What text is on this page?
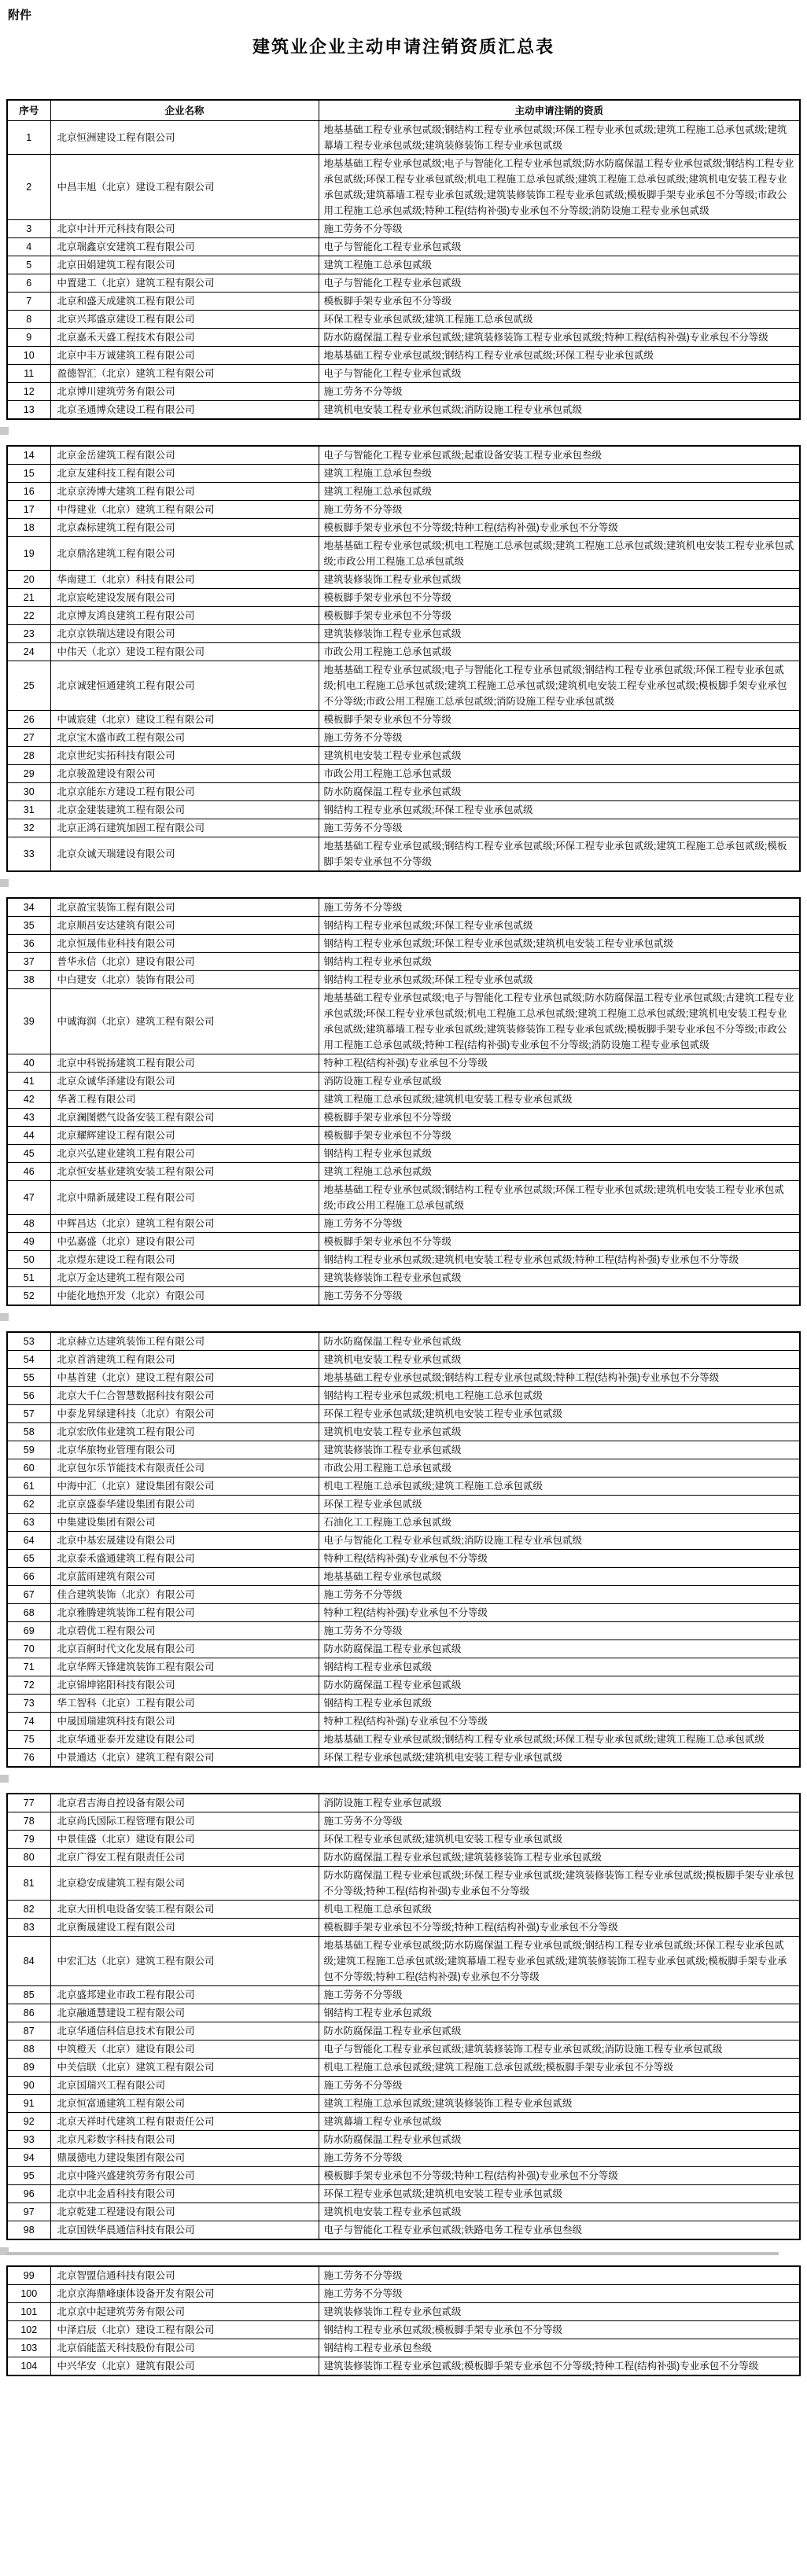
附件
建筑业企业主动申请注销资质汇总表
序号	企业名称	主动申请注销的资质
1	北京恒洲建设工程有限公司	地基基础工程专业承包贰级;钢结构工程专业承包贰级;环保工程专业承包贰级;建筑工程施工总承包贰级;建筑幕墙工程专业承包贰级;建筑装修装饰工程专业承包贰级
2	中昌丰旭（北京）建设工程有限公司	地基基础工程专业承包贰级;电子与智能化工程专业承包贰级;防水防腐保温工程专业承包贰级;钢结构工程专业承包贰级;环保工程专业承包贰级;机电工程施工总承包贰级;建筑工程施工总承包贰级;建筑机电安装工程专业承包贰级;建筑幕墙工程专业承包贰级;建筑装修装饰工程专业承包贰级;模板脚手架专业承包不分等级;市政公用工程施工总承包贰级;特种工程(结构补强)专业承包不分等级;消防设施工程专业承包贰级
3	北京中计开元科技有限公司	施工劳务不分等级
4	北京瑞鑫京安建筑工程有限公司	电子与智能化工程专业承包贰级
5	北京田娟建筑工程有限公司	建筑工程施工总承包贰级
6	中置建工（北京）建筑工程有限公司	电子与智能化工程专业承包贰级
7	北京和盛天成建筑工程有限公司	模板脚手架专业承包不分等级
8	北京兴邦盛京建设工程有限公司	环保工程专业承包贰级;建筑工程施工总承包贰级
9	北京嘉禾天盛工程技术有限公司	防水防腐保温工程专业承包贰级;建筑装修装饰工程专业承包贰级;特种工程(结构补强)专业承包不分等级
10	北京中丰万诚建筑工程有限公司	地基基础工程专业承包贰级;钢结构工程专业承包贰级;环保工程专业承包贰级
11	盈德智汇（北京）建筑工程有限公司	电子与智能化工程专业承包贰级
12	北京博川建筑劳务有限公司	施工劳务不分等级
13	北京圣通博众建设工程有限公司	建筑机电安装工程专业承包贰级;消防设施工程专业承包贰级
14	北京金岳建筑工程有限公司	电子与智能化工程专业承包贰级;起重设备安装工程专业承包叁级
15	北京友建科技工程有限公司	建筑工程施工总承包叁级
16	北京京涛博大建筑工程有限公司	建筑工程施工总承包贰级
17	中得建业（北京）建筑工程有限公司	施工劳务不分等级
18	北京森标建筑工程有限公司	模板脚手架专业承包不分等级;特种工程(结构补强)专业承包不分等级
19	北京鼎洺建筑工程有限公司	地基基础工程专业承包贰级;机电工程施工总承包贰级;建筑工程施工总承包贰级;建筑机电安装工程专业承包贰级;市政公用工程施工总承包贰级
20	华南建工（北京）科技有限公司	建筑装修装饰工程专业承包贰级
21	北京宸屹建设发展有限公司	模板脚手架专业承包不分等级
22	北京博友鸿良建筑工程有限公司	模板脚手架专业承包不分等级
23	北京京铁瑞达建设有限公司	建筑装修装饰工程专业承包贰级
24	中伟天（北京）建设工程有限公司	市政公用工程施工总承包贰级
25	北京诚建恒通建筑工程有限公司	地基基础工程专业承包贰级;电子与智能化工程专业承包贰级;钢结构工程专业承包贰级;环保工程专业承包贰级;机电工程施工总承包贰级;建筑工程施工总承包贰级;建筑机电安装工程专业承包贰级;模板脚手架专业承包不分等级;市政公用工程施工总承包贰级;消防设施工程专业承包贰级
26	中诚宸建（北京）建设工程有限公司	模板脚手架专业承包不分等级
27	北京宝木盛市政工程有限公司	施工劳务不分等级
28	北京世纪实拓科技有限公司	建筑机电安装工程专业承包贰级
29	北京骏盈建设有限公司	市政公用工程施工总承包贰级
30	北京京能东方建设工程有限公司	防水防腐保温工程专业承包贰级
31	北京金建装建筑工程有限公司	钢结构工程专业承包贰级;环保工程专业承包贰级
32	北京正鸿石建筑加固工程有限公司	施工劳务不分等级
33	北京众诚天瑞建设有限公司	地基基础工程专业承包贰级;钢结构工程专业承包贰级;环保工程专业承包贰级;建筑工程施工总承包贰级;模板脚手架专业承包不分等级
34	北京盈宝装饰工程有限公司	施工劳务不分等级
35	北京顺昌安达建筑有限公司	钢结构工程专业承包贰级;环保工程专业承包贰级
36	北京恒晟伟业科技有限公司	钢结构工程专业承包贰级;环保工程专业承包贰级;建筑机电安装工程专业承包贰级
37	普华永信（北京）建设有限公司	钢结构工程专业承包贰级
38	中白建安（北京）装饰有限公司	钢结构工程专业承包贰级;环保工程专业承包贰级
39	中诚海润（北京）建筑工程有限公司	地基基础工程专业承包贰级;电子与智能化工程专业承包贰级;防水防腐保温工程专业承包贰级;古建筑工程专业承包贰级;环保工程专业承包贰级;机电工程施工总承包贰级;建筑工程施工总承包贰级;建筑机电安装工程专业承包贰级;建筑幕墙工程专业承包贰级;建筑装修装饰工程专业承包贰级;模板脚手架专业承包不分等级;市政公用工程施工总承包贰级;特种工程(结构补强)专业承包不分等级;消防设施工程专业承包贰级
40	北京中科锐扬建筑工程有限公司	特种工程(结构补强)专业承包不分等级
41	北京众诚华泽建设有限公司	消防设施工程专业承包贰级
42	华著工程有限公司	建筑工程施工总承包贰级;建筑机电安装工程专业承包贰级
43	北京澜图燃气设备安装工程有限公司	模板脚手架专业承包不分等级
44	北京耀辉建设工程有限公司	模板脚手架专业承包不分等级
45	北京兴弘建业建筑工程有限公司	钢结构工程专业承包贰级
46	北京恒安基业建筑安装工程有限公司	建筑工程施工总承包贰级
47	北京中鼎新晟建设工程有限公司	地基基础工程专业承包贰级;钢结构工程专业承包贰级;环保工程专业承包贰级;建筑机电安装工程专业承包贰级;市政公用工程施工总承包贰级
48	中辉昌达（北京）建筑工程有限公司	施工劳务不分等级
49	中弘嘉盛（北京）建设有限公司	模板脚手架专业承包不分等级
50	北京煜东建设工程有限公司	钢结构工程专业承包贰级;建筑机电安装工程专业承包贰级;特种工程(结构补强)专业承包不分等级
51	北京万金达建筑工程有限公司	建筑装修装饰工程专业承包贰级
52	中能化地热开发（北京）有限公司	施工劳务不分等级
53	北京赫立达建筑装饰工程有限公司	防水防腐保温工程专业承包贰级
54	北京首消建筑工程有限公司	建筑机电安装工程专业承包贰级
55	中基首建（北京）建设工程有限公司	地基基础工程专业承包贰级;钢结构工程专业承包贰级;特种工程(结构补强)专业承包不分等级
56	北京大千仁合智慧数据科技有限公司	钢结构工程专业承包贰级;机电工程施工总承包贰级
57	中泰龙昇绿建科技（北京）有限公司	环保工程专业承包贰级;建筑机电安装工程专业承包贰级
58	北京宏欣伟业建筑工程有限公司	建筑机电安装工程专业承包贰级
59	北京华旅物业管理有限公司	建筑装修装饰工程专业承包贰级
60	北京包尔乐节能技术有限责任公司	市政公用工程施工总承包贰级
61	中海中汇（北京）建设集团有限公司	机电工程施工总承包贰级;建筑工程施工总承包贰级
62	北京京盛泰华建设集团有限公司	环保工程专业承包贰级
63	中集建设集团有限公司	石油化工工程施工总承包贰级
64	北京中基宏晟建设有限公司	电子与智能化工程专业承包贰级;消防设施工程专业承包贰级
65	北京泰禾盛通建筑工程有限公司	特种工程(结构补强)专业承包不分等级
66	北京蓝雨建筑有限公司	地基基础工程专业承包贰级
67	佳合建筑装饰（北京）有限公司	施工劳务不分等级
68	北京雅腾建筑装饰工程有限公司	特种工程(结构补强)专业承包不分等级
69	北京碧优工程有限公司	施工劳务不分等级
70	北京百舸时代文化发展有限公司	防水防腐保温工程专业承包贰级
71	北京华辉天锋建筑装饰工程有限公司	钢结构工程专业承包贰级
72	北京锦坤铭阳科技有限公司	防水防腐保温工程专业承包贰级
73	华工智科（北京）工程有限公司	钢结构工程专业承包贰级
74	中晟国瑞建筑科技有限公司	特种工程(结构补强)专业承包不分等级
75	北京华通亚泰开发建设有限公司	地基基础工程专业承包贰级;钢结构工程专业承包贰级;环保工程专业承包贰级;建筑工程施工总承包贰级
76	中景通达（北京）建筑工程有限公司	环保工程专业承包贰级;建筑机电安装工程专业承包贰级
77	北京君吉海自控设备有限公司	消防设施工程专业承包贰级
78	北京尚氏国际工程管理有限公司	施工劳务不分等级
79	中景佳盛（北京）建设有限公司	环保工程专业承包贰级;建筑机电安装工程专业承包贰级
80	北京广得安工程有限责任公司	防水防腐保温工程专业承包贰级;建筑装修装饰工程专业承包贰级
81	北京稳安成建筑工程有限公司	防水防腐保温工程专业承包贰级;环保工程专业承包贰级;建筑装修装饰工程专业承包贰级;模板脚手架专业承包不分等级;特种工程(结构补强)专业承包不分等级
82	北京大田机电设备安装工程有限公司	机电工程施工总承包贰级
83	北京衡晟建设工程有限公司	模板脚手架专业承包不分等级;特种工程(结构补强)专业承包不分等级
84	中宏汇达（北京）建筑工程有限公司	地基基础工程专业承包贰级;防水防腐保温工程专业承包贰级;钢结构工程专业承包贰级;环保工程专业承包贰级;建筑工程施工总承包贰级;建筑幕墙工程专业承包贰级;建筑装修装饰工程专业承包贰级;模板脚手架专业承包不分等级;特种工程(结构补强)专业承包不分等级
85	北京盛邦建业市政工程有限公司	施工劳务不分等级
86	北京融通慧建设工程有限公司	钢结构工程专业承包贰级
87	北京华通信科信息技术有限公司	防水防腐保温工程专业承包贰级
88	中筑橙天（北京）建设有限公司	电子与智能化工程专业承包贰级;建筑装修装饰工程专业承包贰级;消防设施工程专业承包贰级
89	中关信联（北京）建筑工程有限公司	机电工程施工总承包贰级;建筑工程施工总承包贰级;模板脚手架专业承包不分等级
90	北京国瑞兴工程有限公司	施工劳务不分等级
91	北京恒富通建筑工程有限公司	建筑工程施工总承包贰级;建筑装修装饰工程专业承包贰级
92	北京天祥时代建筑工程有限责任公司	建筑幕墙工程专业承包贰级
93	北京凡彩数字科技有限公司	防水防腐保温工程专业承包贰级
94	鼎晟德电力建设集团有限公司	施工劳务不分等级
95	北京中隆兴盛建筑劳务有限公司	模板脚手架专业承包不分等级;特种工程(结构补强)专业承包不分等级
96	北京中北金盾科技有限公司	环保工程专业承包贰级;建筑机电安装工程专业承包贰级
97	北京乾建工程建设有限公司	建筑机电安装工程专业承包贰级
98	北京国铁华晨通信科技有限公司	电子与智能化工程专业承包贰级;铁路电务工程专业承包叁级
99	北京智盟信通科技有限公司	施工劳务不分等级
100	北京京海鼎峰康体设备开发有限公司	施工劳务不分等级
101	北京京中起建筑劳务有限公司	建筑装修装饰工程专业承包贰级
102	中泽启辰（北京）建设工程有限公司	钢结构工程专业承包贰级;模板脚手架专业承包不分等级
103	北京佰能蓝天科技股份有限公司	钢结构工程专业承包叁级
104	中兴华安（北京）建筑有限公司	建筑装修装饰工程专业承包贰级;模板脚手架专业承包不分等级;特种工程(结构补强)专业承包不分等级
